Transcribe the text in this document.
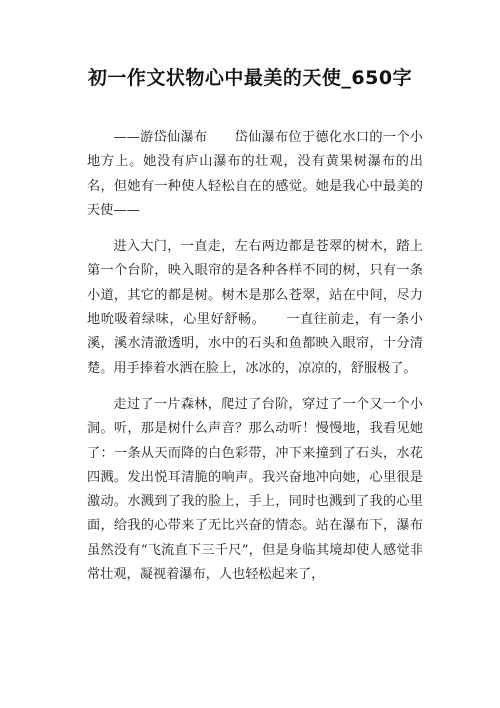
初一作文状物心中最美的天使_650字

——游岱仙瀑布　　岱仙瀑布位于德化水口的一个小地方上。她没有庐山瀑布的壮观，没有黄果树瀑布的出名，但她有一种使人轻松自在的感觉。她是我心中最美的天使——

进入大门，一直走，左右两边都是苍翠的树木，踏上第一个台阶，映入眼帘的是各种各样不同的树，只有一条小道，其它的都是树。树木是那么苍翠，站在中间，尽力地吮吸着绿味，心里好舒畅。　　一直往前走，有一条小溪，溪水清澈透明，水中的石头和鱼都映入眼帘，十分清楚。用手捧着水洒在脸上，冰冰的，凉凉的，舒服极了。

走过了一片森林，爬过了台阶，穿过了一个又一个小洞。听，那是树什么声音？那么动听！慢慢地，我看见她了：一条从天而降的白色彩带，冲下来撞到了石头，水花四溅。发出悦耳清脆的响声。我兴奋地冲向她，心里很是激动。水溅到了我的脸上，手上，同时也溅到了我的心里面，给我的心带来了无比兴奋的情态。站在瀑布下，瀑布虽然没有“飞流直下三千尺”，但是身临其境却使人感觉非常壮观，凝视着瀑布，人也轻松起来了，
